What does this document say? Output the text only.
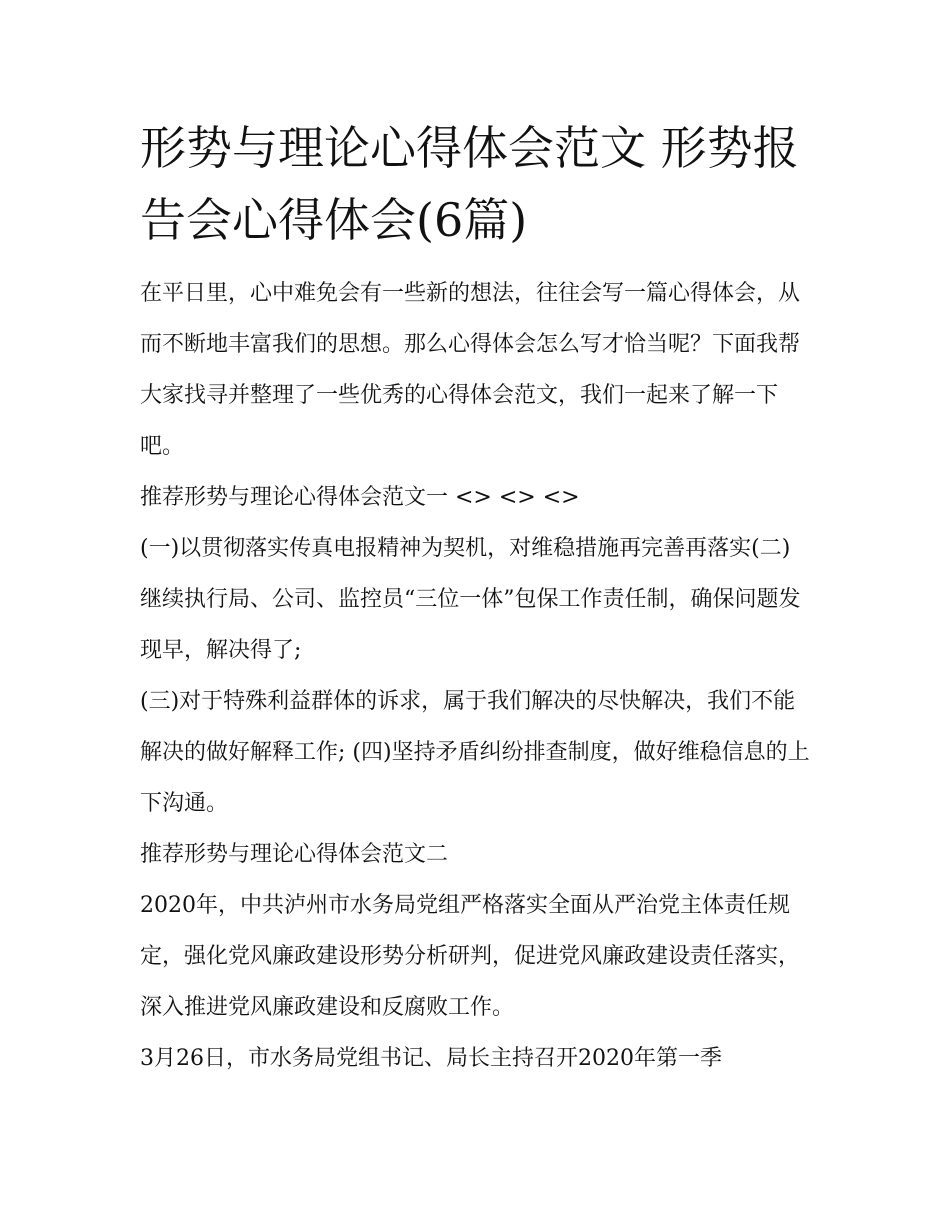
形势与理论心得体会范文 形势报告会心得体会(6篇)

在平日里，心中难免会有一些新的想法，往往会写一篇心得体会，从而不断地丰富我们的思想。那么心得体会怎么写才恰当呢？下面我帮大家找寻并整理了一些优秀的心得体会范文，我们一起来了解一下吧。

推荐形势与理论心得体会范文一 <> <> <>

(一)以贯彻落实传真电报精神为契机，对维稳措施再完善再落实(二)继续执行局、公司、监控员“三位一体”包保工作责任制，确保问题发现早，解决得了;

(三)对于特殊利益群体的诉求，属于我们解决的尽快解决，我们不能解决的做好解释工作; (四)坚持矛盾纠纷排查制度，做好维稳信息的上下沟通。

推荐形势与理论心得体会范文二

2020年，中共泸州市水务局党组严格落实全面从严治党主体责任规定，强化党风廉政建设形势分析研判，促进党风廉政建设责任落实，深入推进党风廉政建设和反腐败工作。

3月26日，市水务局党组书记、局长主持召开2020年第一季
